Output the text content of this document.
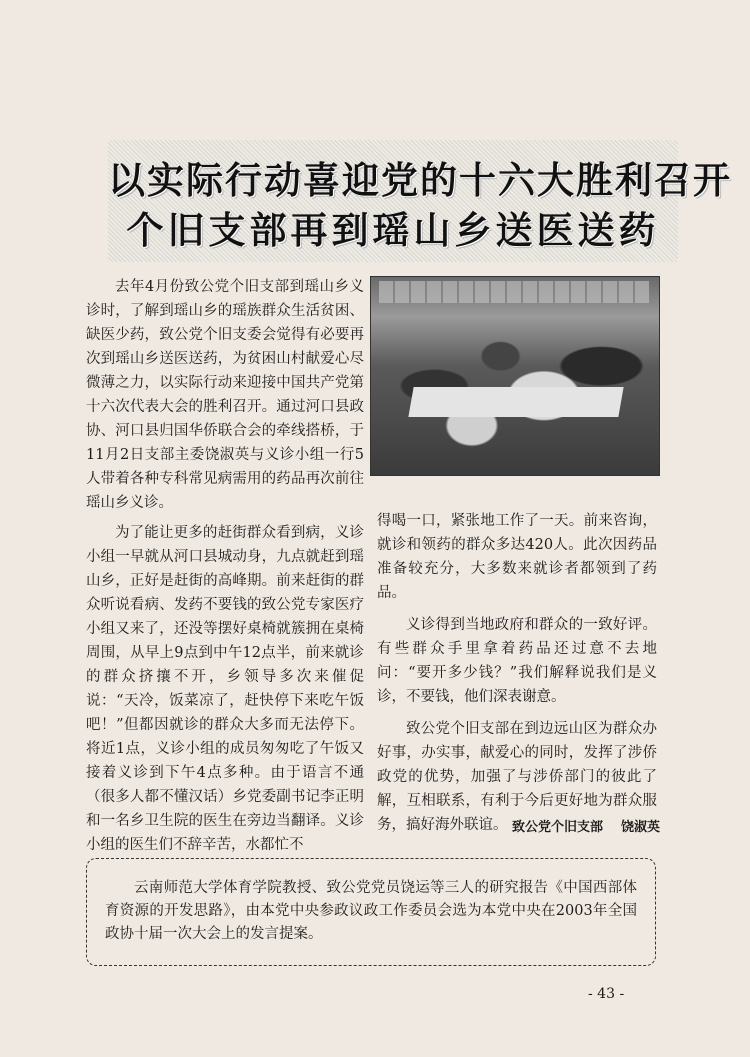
以实际行动喜迎党的十六大胜利召开
个旧支部再到瑶山乡送医送药

去年4月份致公党个旧支部到瑶山乡义诊时，了解到瑶山乡的瑶族群众生活贫困、缺医少药，致公党个旧支委会觉得有必要再次到瑶山乡送医送药，为贫困山村献爱心尽微薄之力，以实际行动来迎接中国共产党第十六次代表大会的胜利召开。通过河口县政协、河口县归国华侨联合会的牵线搭桥，于11月2日支部主委饶淑英与义诊小组一行5人带着各种专科常见病需用的药品再次前往瑶山乡义诊。

为了能让更多的赶街群众看到病，义诊小组一早就从河口县城动身，九点就赶到瑶山乡，正好是赶街的高峰期。前来赶街的群众听说看病、发药不要钱的致公党专家医疗小组又来了，还没等摆好桌椅就簇拥在桌椅周围，从早上9点到中午12点半，前来就诊的群众挤攘不开，乡领导多次来催促说：“天冷，饭菜凉了，赶快停下来吃午饭吧！”但都因就诊的群众大多而无法停下。将近1点，义诊小组的成员匆匆吃了午饭又接着义诊到下午4点多种。由于语言不通（很多人都不懂汉话）乡党委副书记李正明和一名乡卫生院的医生在旁边当翻译。义诊小组的医生们不辞辛苦，水都忙不

得喝一口，紧张地工作了一天。前来咨询，就诊和领药的群众多达420人。此次因药品准备较充分，大多数来就诊者都领到了药品。

义诊得到当地政府和群众的一致好评。有些群众手里拿着药品还过意不去地问：“要开多少钱？”我们解释说我们是义诊，不要钱，他们深表谢意。

致公党个旧支部在到边远山区为群众办好事，办实事，献爱心的同时，发挥了涉侨政党的优势，加强了与涉侨部门的彼此了解，互相联系，有利于今后更好地为群众服务，搞好海外联谊。 致公党个旧支部 饶淑英

云南师范大学体育学院教授、致公党党员饶运等三人的研究报告《中国西部体育资源的开发思路》，由本党中央参政议政工作委员会选为本党中央在2003年全国政协十届一次大会上的发言提案。

- 43 -
